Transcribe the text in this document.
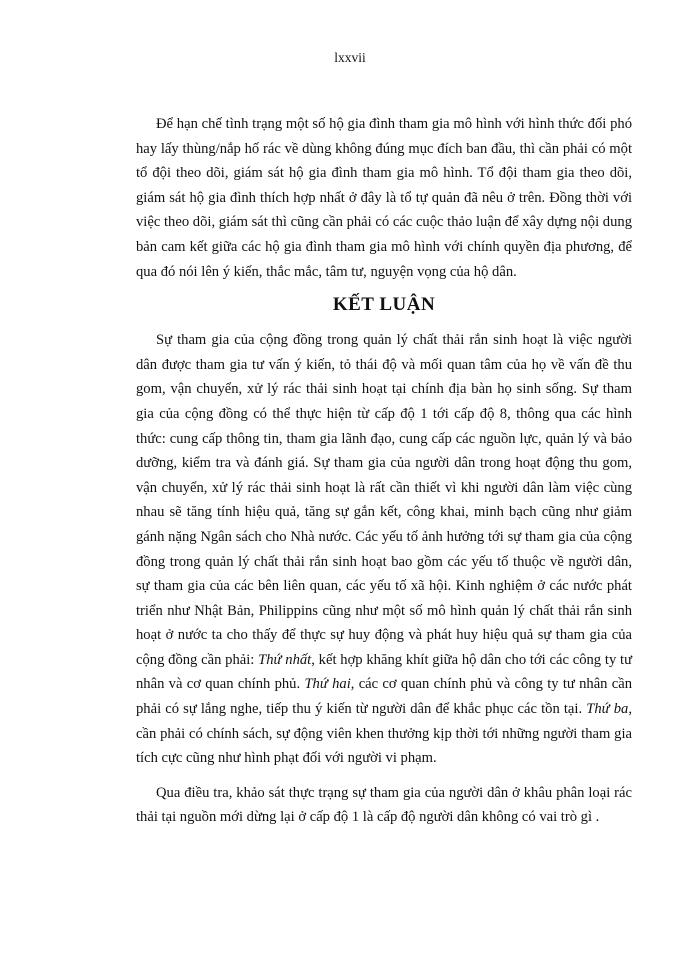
lxxvii

Để hạn chế tình trạng một số hộ gia đình tham gia mô hình với hình thức đối phó hay lấy thùng/nắp hố rác về dùng không đúng mục đích ban đầu, thì cần phải có một tổ đội theo dõi, giám sát hộ gia đình tham gia mô hình. Tổ đội tham gia theo dõi, giám sát hộ gia đình thích hợp nhất ở đây là tổ tự quản đã nêu ở trên. Đồng thời với việc theo dõi, giám sát thì cũng cần phải có các cuộc thảo luận để xây dựng nội dung bản cam kết giữa các hộ gia đình tham gia mô hình với chính quyền địa phương, để qua đó nói lên ý kiến, thắc mắc, tâm tư, nguyện vọng của hộ dân.

KẾT LUẬN

Sự tham gia của cộng đồng trong quản lý chất thải rắn sinh hoạt là việc người dân được tham gia tư vấn ý kiến, tỏ thái độ và mối quan tâm của họ về vấn đề thu gom, vận chuyển, xử lý rác thải sinh hoạt tại chính địa bàn họ sinh sống. Sự tham gia của cộng đồng có thể thực hiện từ cấp độ 1 tới cấp độ 8, thông qua các hình thức: cung cấp thông tin, tham gia lãnh đạo, cung cấp các nguồn lực, quản lý và bảo dưỡng, kiểm tra và đánh giá. Sự tham gia của người dân trong hoạt động thu gom, vận chuyển, xử lý rác thải sinh hoạt là rất cần thiết vì khi người dân làm việc cùng nhau sẽ tăng tính hiệu quả, tăng sự gắn kết, công khai, minh bạch cũng như giảm gánh nặng Ngân sách cho Nhà nước. Các yếu tố ảnh hưởng tới sự tham gia của cộng đồng trong quản lý chất thải rắn sinh hoạt bao gồm các yếu tố thuộc về người dân, sự tham gia của các bên liên quan, các yếu tố xã hội. Kinh nghiệm ở các nước phát triển như Nhật Bản, Philippins cũng như một số mô hình quản lý chất thải rắn sinh hoạt ở nước ta cho thấy để thực sự huy động và phát huy hiệu quả sự tham gia của cộng đồng cần phải: Thứ nhất, kết hợp khăng khít giữa hộ dân cho tới các công ty tư nhân và cơ quan chính phủ. Thứ hai, các cơ quan chính phủ và công ty tư nhân cần phải có sự lắng nghe, tiếp thu ý kiến từ người dân để khắc phục các tồn tại. Thứ ba, cần phải có chính sách, sự động viên khen thưởng kịp thời tới những người tham gia tích cực cũng như hình phạt đối với người vi phạm.

Qua điều tra, khảo sát thực trạng sự tham gia của người dân ở khâu phân loại rác thải tại nguồn mới dừng lại ở cấp độ 1 là cấp độ người dân không có vai trò gì .
